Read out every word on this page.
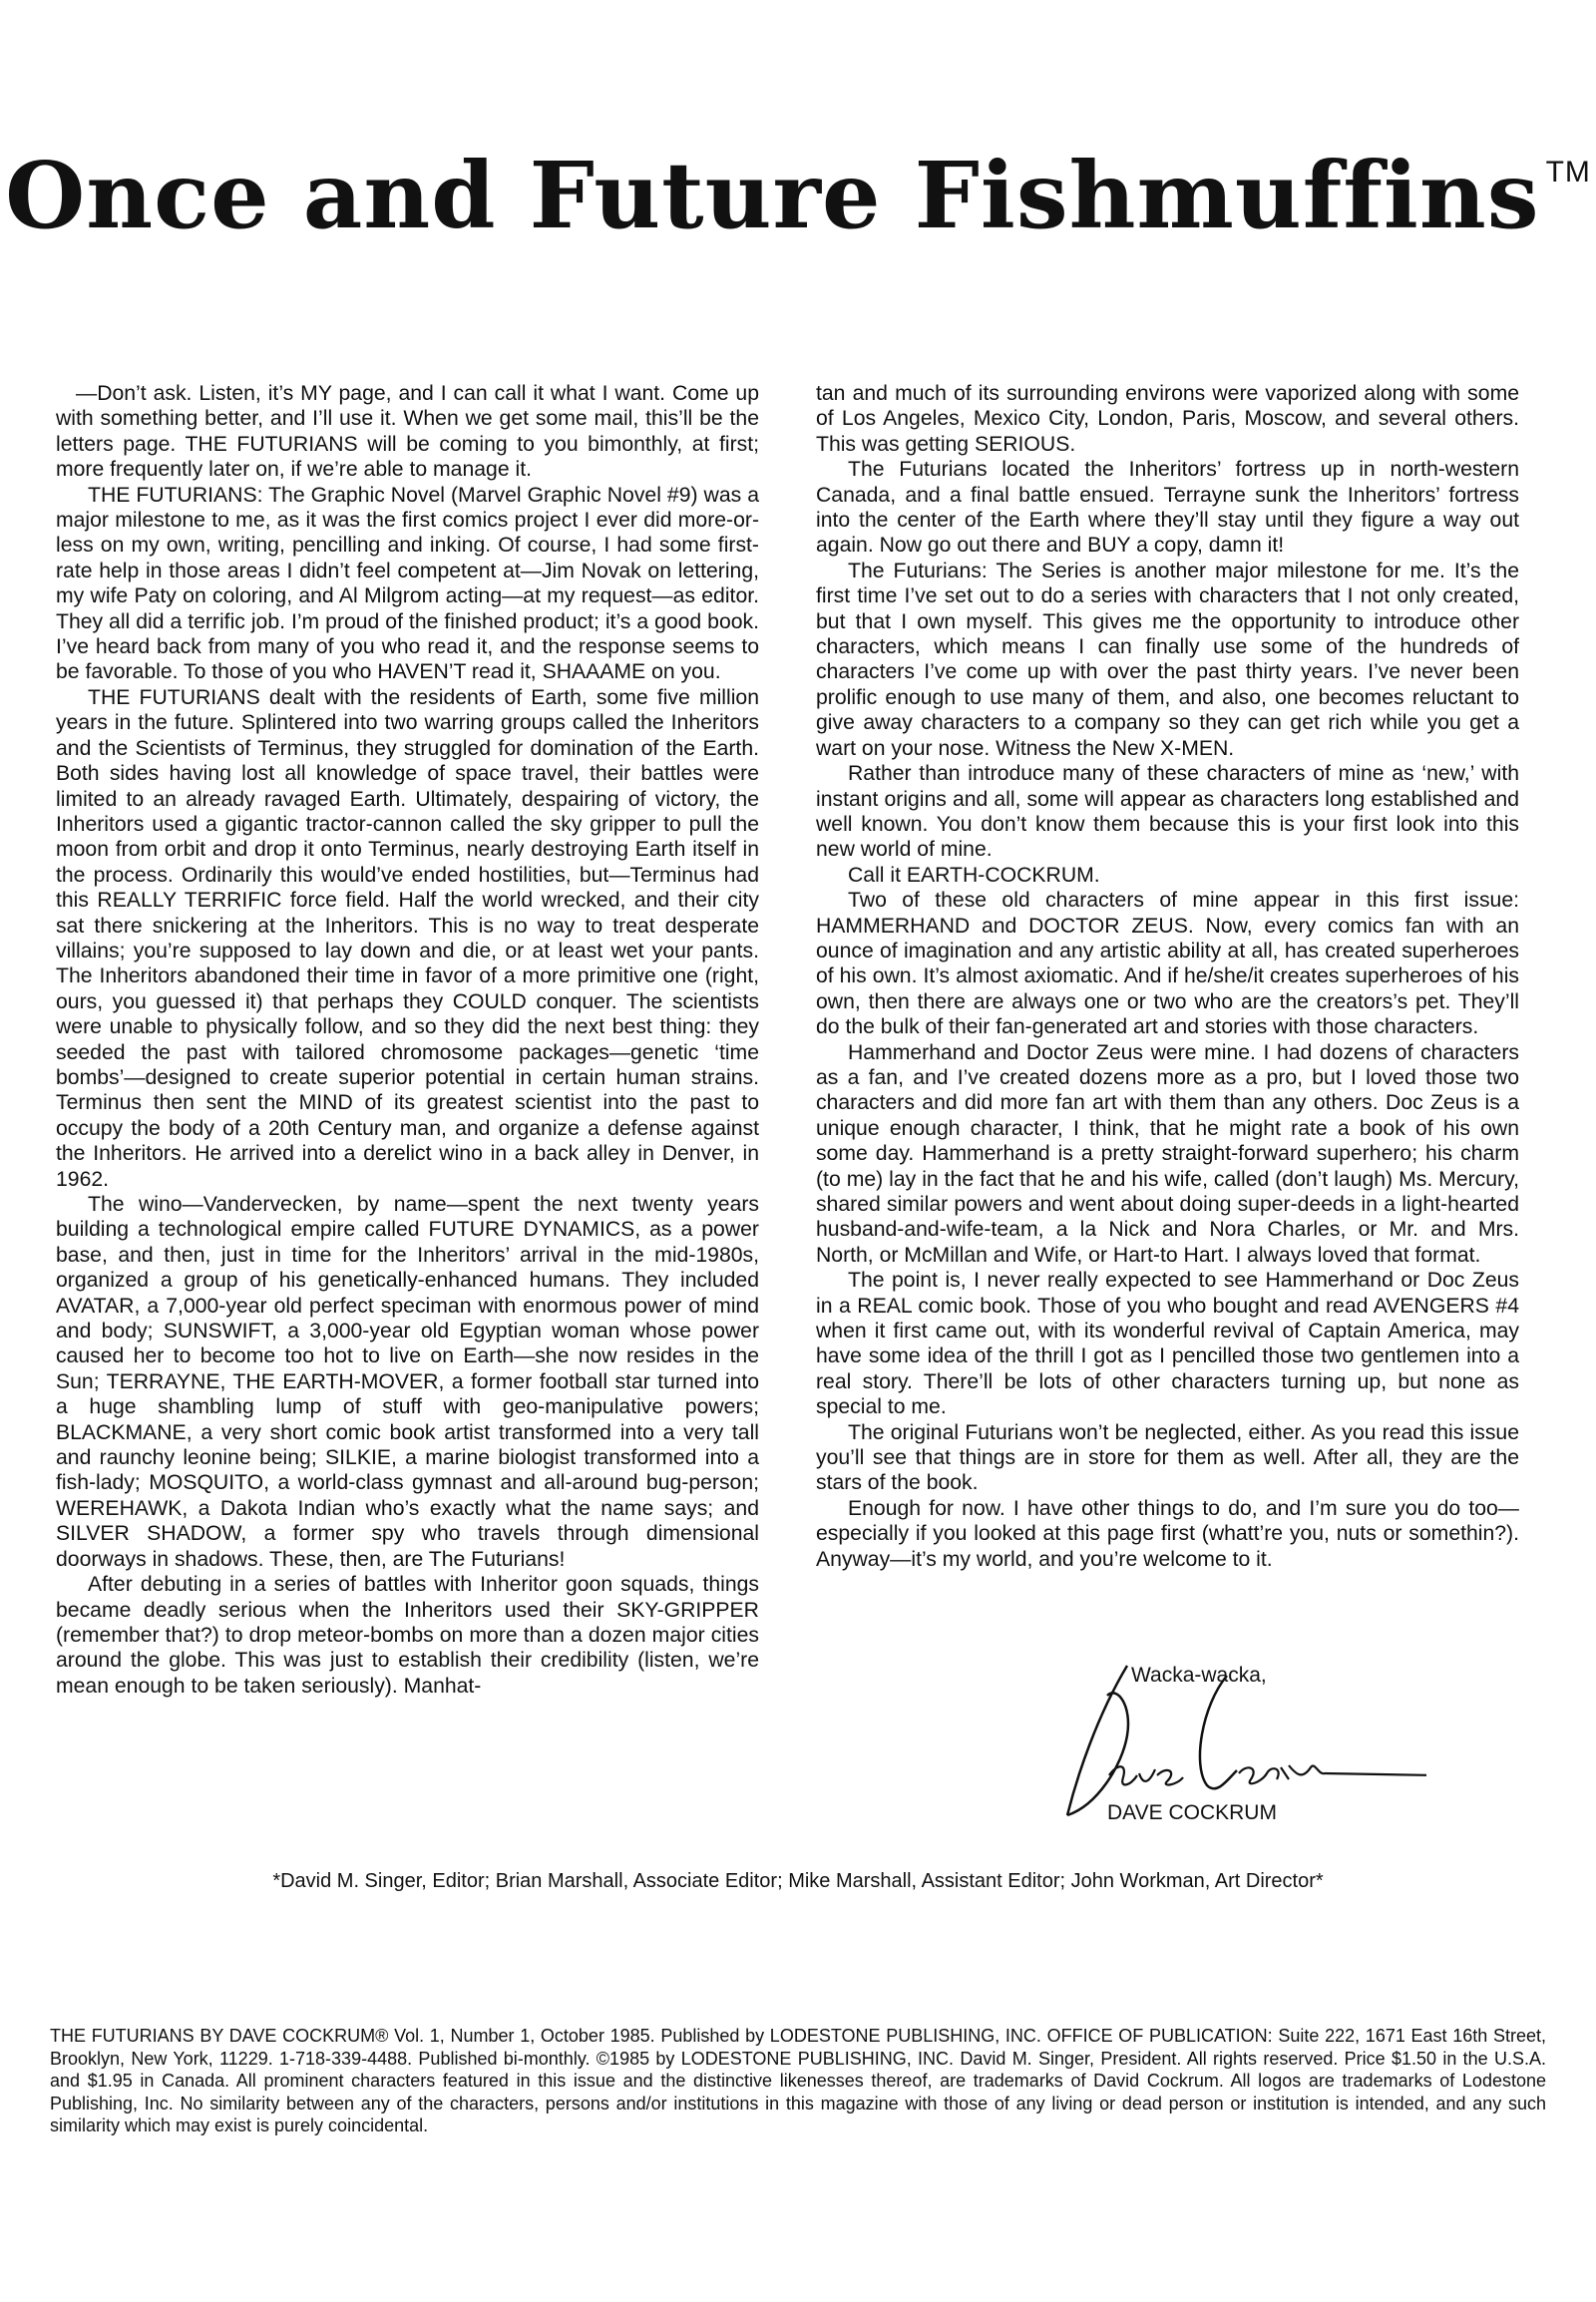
Once and Future Fishmuffins ™

—Don’t ask. Listen, it’s MY page, and I can call it what I want. Come up with something better, and I’ll use it. When we get some mail, this’ll be the letters page. THE FUTURIANS will be coming to you bimonthly, at first; more frequently later on, if we’re able to manage it.

THE FUTURIANS: The Graphic Novel (Marvel Graphic Novel #9) was a major milestone to me, as it was the first comics project I ever did more-or-less on my own, writing, pencilling and inking. Of course, I had some first-rate help in those areas I didn’t feel competent at—Jim Novak on lettering, my wife Paty on coloring, and Al Milgrom acting—at my request—as editor. They all did a terrific job. I’m proud of the finished product; it’s a good book. I’ve heard back from many of you who read it, and the response seems to be favorable. To those of you who HAVEN’T read it, SHAAAME on you.

THE FUTURIANS dealt with the residents of Earth, some five million years in the future. Splintered into two warring groups called the Inheritors and the Scientists of Terminus, they struggled for domination of the Earth. Both sides having lost all knowledge of space travel, their battles were limited to an already ravaged Earth. Ultimately, despairing of victory, the Inheritors used a gigantic tractor-cannon called the sky gripper to pull the moon from orbit and drop it onto Terminus, nearly destroying Earth itself in the process. Ordinarily this would’ve ended hostilities, but—Terminus had this REALLY TERRIFIC force field. Half the world wrecked, and their city sat there snickering at the Inheritors. This is no way to treat desperate villains; you’re supposed to lay down and die, or at least wet your pants. The Inheritors abandoned their time in favor of a more primitive one (right, ours, you guessed it) that perhaps they COULD conquer. The scientists were unable to physically follow, and so they did the next best thing: they seeded the past with tailored chromosome packages—genetic ‘time bombs’—designed to create superior potential in certain human strains. Terminus then sent the MIND of its greatest scientist into the past to occupy the body of a 20th Century man, and organize a defense against the Inheritors. He arrived into a derelict wino in a back alley in Denver, in 1962.

The wino—Vandervecken, by name—spent the next twenty years building a technological empire called FUTURE DYNAMICS, as a power base, and then, just in time for the Inheritors’ arrival in the mid-1980s, organized a group of his genetically-enhanced humans. They included AVATAR, a 7,000-year old perfect speciman with enormous power of mind and body; SUNSWIFT, a 3,000-year old Egyptian woman whose power caused her to become too hot to live on Earth—she now resides in the Sun; TERRAYNE, THE EARTH-MOVER, a former football star turned into a huge shambling lump of stuff with geo-manipulative powers; BLACKMANE, a very short comic book artist transformed into a very tall and raunchy leonine being; SILKIE, a marine biologist transformed into a fish-lady; MOSQUITO, a world-class gymnast and all-around bug-person; WEREHAWK, a Dakota Indian who’s exactly what the name says; and SILVER SHADOW, a former spy who travels through dimensional doorways in shadows. These, then, are The Futurians!

After debuting in a series of battles with Inheritor goon squads, things became deadly serious when the Inheritors used their SKY-GRIPPER (remember that?) to drop meteor-bombs on more than a dozen major cities around the globe. This was just to establish their credibility (listen, we’re mean enough to be taken seriously). Manhat-

tan and much of its surrounding environs were vaporized along with some of Los Angeles, Mexico City, London, Paris, Moscow, and several others. This was getting SERIOUS.

The Futurians located the Inheritors’ fortress up in north-western Canada, and a final battle ensued. Terrayne sunk the Inheritors’ fortress into the center of the Earth where they’ll stay until they figure a way out again. Now go out there and BUY a copy, damn it!

The Futurians: The Series is another major milestone for me. It’s the first time I’ve set out to do a series with characters that I not only created, but that I own myself. This gives me the opportunity to introduce other characters, which means I can finally use some of the hundreds of characters I’ve come up with over the past thirty years. I’ve never been prolific enough to use many of them, and also, one becomes reluctant to give away characters to a company so they can get rich while you get a wart on your nose. Witness the New X-MEN.

Rather than introduce many of these characters of mine as ‘new,’ with instant origins and all, some will appear as characters long established and well known. You don’t know them because this is your first look into this new world of mine.

Call it EARTH-COCKRUM.

Two of these old characters of mine appear in this first issue: HAMMERHAND and DOCTOR ZEUS. Now, every comics fan with an ounce of imagination and any artistic ability at all, has created superheroes of his own. It’s almost axiomatic. And if he/she/it creates superheroes of his own, then there are always one or two who are the creators’s pet. They’ll do the bulk of their fan-generated art and stories with those characters.

Hammerhand and Doctor Zeus were mine. I had dozens of characters as a fan, and I’ve created dozens more as a pro, but I loved those two characters and did more fan art with them than any others. Doc Zeus is a unique enough character, I think, that he might rate a book of his own some day. Hammerhand is a pretty straight-forward superhero; his charm (to me) lay in the fact that he and his wife, called (don’t laugh) Ms. Mercury, shared similar powers and went about doing super-deeds in a light-hearted husband-and-wife-team, a la Nick and Nora Charles, or Mr. and Mrs. North, or McMillan and Wife, or Hart-to Hart. I always loved that format.

The point is, I never really expected to see Hammerhand or Doc Zeus in a REAL comic book. Those of you who bought and read AVENGERS #4 when it first came out, with its wonderful revival of Captain America, may have some idea of the thrill I got as I pencilled those two gentlemen into a real story. There’ll be lots of other characters turning up, but none as special to me.

The original Futurians won’t be neglected, either. As you read this issue you’ll see that things are in store for them as well. After all, they are the stars of the book.

Enough for now. I have other things to do, and I’m sure you do too—especially if you looked at this page first (whatt’re you, nuts or somethin?). Anyway—it’s my world, and you’re welcome to it.

Wacka-wacka,
DAVE COCKRUM
*David M. Singer, Editor; Brian Marshall, Associate Editor; Mike Marshall, Assistant Editor; John Workman, Art Director*
THE FUTURIANS BY DAVE COCKRUM® Vol. 1, Number 1, October 1985. Published by LODESTONE PUBLISHING, INC. OFFICE OF PUBLICATION: Suite 222, 1671 East 16th Street, Brooklyn, New York, 11229. 1-718-339-4488. Published bi-monthly. ©1985 by LODESTONE PUBLISHING, INC. David M. Singer, President. All rights reserved. Price $1.50 in the U.S.A. and $1.95 in Canada. All prominent characters featured in this issue and the distinctive likenesses thereof, are trademarks of David Cockrum. All logos are trademarks of Lodestone Publishing, Inc. No similarity between any of the characters, persons and/or institutions in this magazine with those of any living or dead person or institution is intended, and any such similarity which may exist is purely coincidental.
